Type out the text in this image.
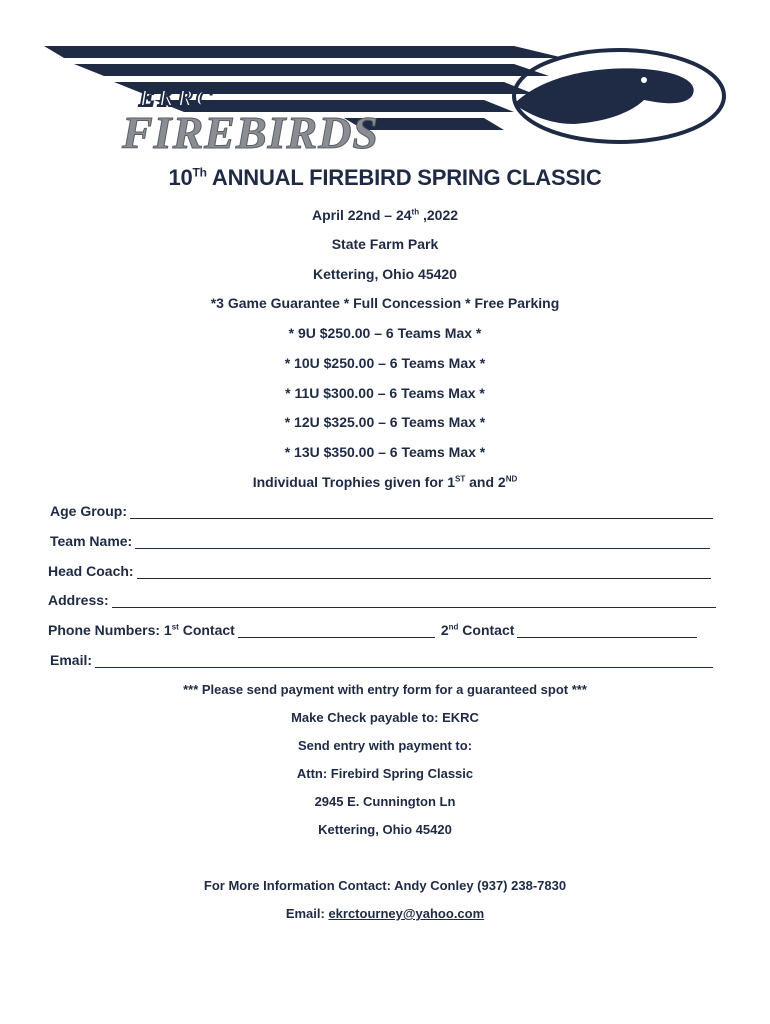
EKRC
FIREBIRDS
10Th ANNUAL FIREBIRD SPRING CLASSIC
April 22nd – 24th ,2022
State Farm Park
Kettering, Ohio 45420
*3 Game Guarantee * Full Concession * Free Parking
* 9U $250.00 – 6 Teams Max *
* 10U $250.00 – 6 Teams Max *
* 11U $300.00 – 6 Teams Max *
* 12U $325.00 – 6 Teams Max *
* 13U $350.00 – 6 Teams Max *
Individual Trophies given for 1ST and 2ND
Age Group:
Team Name:
Head Coach:
Address:
Phone Numbers: 1st Contact	2nd Contact
Email:
*** Please send payment with entry form for a guaranteed spot ***
Make Check payable to: EKRC
Send entry with payment to:
Attn: Firebird Spring Classic
2945 E. Cunnington Ln
Kettering, Ohio 45420
For More Information Contact: Andy Conley (937) 238-7830
Email: ekrctourney@yahoo.com
